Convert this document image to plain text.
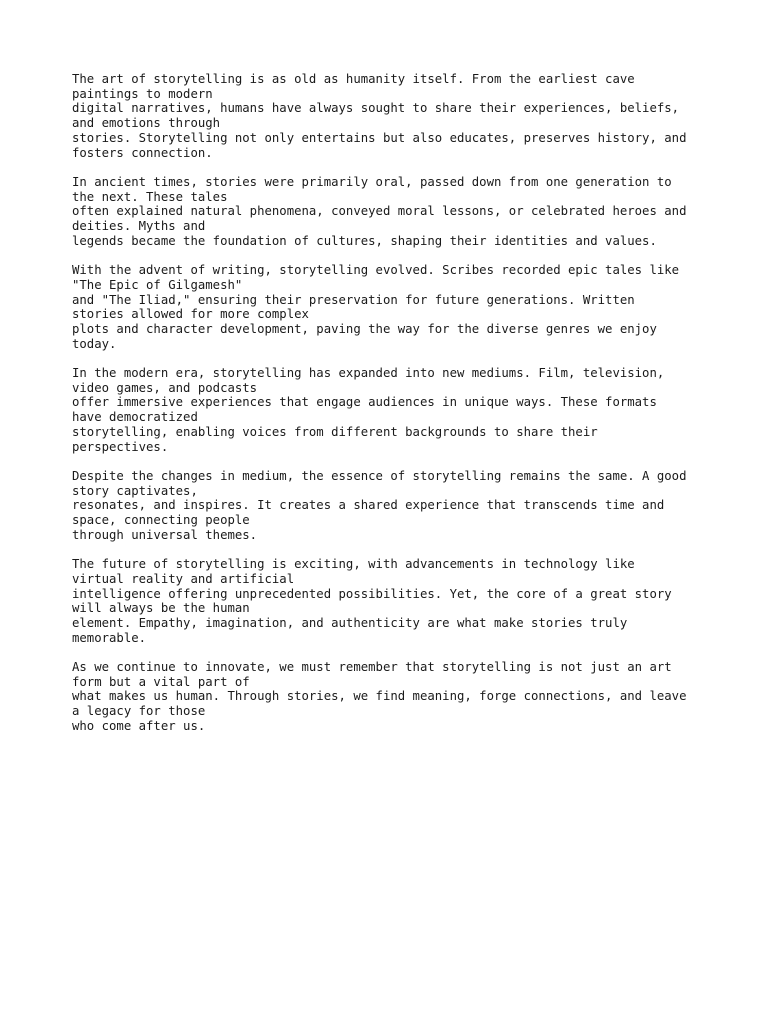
The art of storytelling is as old as humanity itself. From the earliest cave
paintings to modern
digital narratives, humans have always sought to share their experiences, beliefs,
and emotions through
stories. Storytelling not only entertains but also educates, preserves history, and
fosters connection.
In ancient times, stories were primarily oral, passed down from one generation to
the next. These tales
often explained natural phenomena, conveyed moral lessons, or celebrated heroes and
deities. Myths and
legends became the foundation of cultures, shaping their identities and values.
With the advent of writing, storytelling evolved. Scribes recorded epic tales like
"The Epic of Gilgamesh"
and "The Iliad," ensuring their preservation for future generations. Written
stories allowed for more complex
plots and character development, paving the way for the diverse genres we enjoy
today.
In the modern era, storytelling has expanded into new mediums. Film, television,
video games, and podcasts
offer immersive experiences that engage audiences in unique ways. These formats
have democratized
storytelling, enabling voices from different backgrounds to share their
perspectives.
Despite the changes in medium, the essence of storytelling remains the same. A good
story captivates,
resonates, and inspires. It creates a shared experience that transcends time and
space, connecting people
through universal themes.
The future of storytelling is exciting, with advancements in technology like
virtual reality and artificial
intelligence offering unprecedented possibilities. Yet, the core of a great story
will always be the human
element. Empathy, imagination, and authenticity are what make stories truly
memorable.
As we continue to innovate, we must remember that storytelling is not just an art
form but a vital part of
what makes us human. Through stories, we find meaning, forge connections, and leave
a legacy for those
who come after us.
